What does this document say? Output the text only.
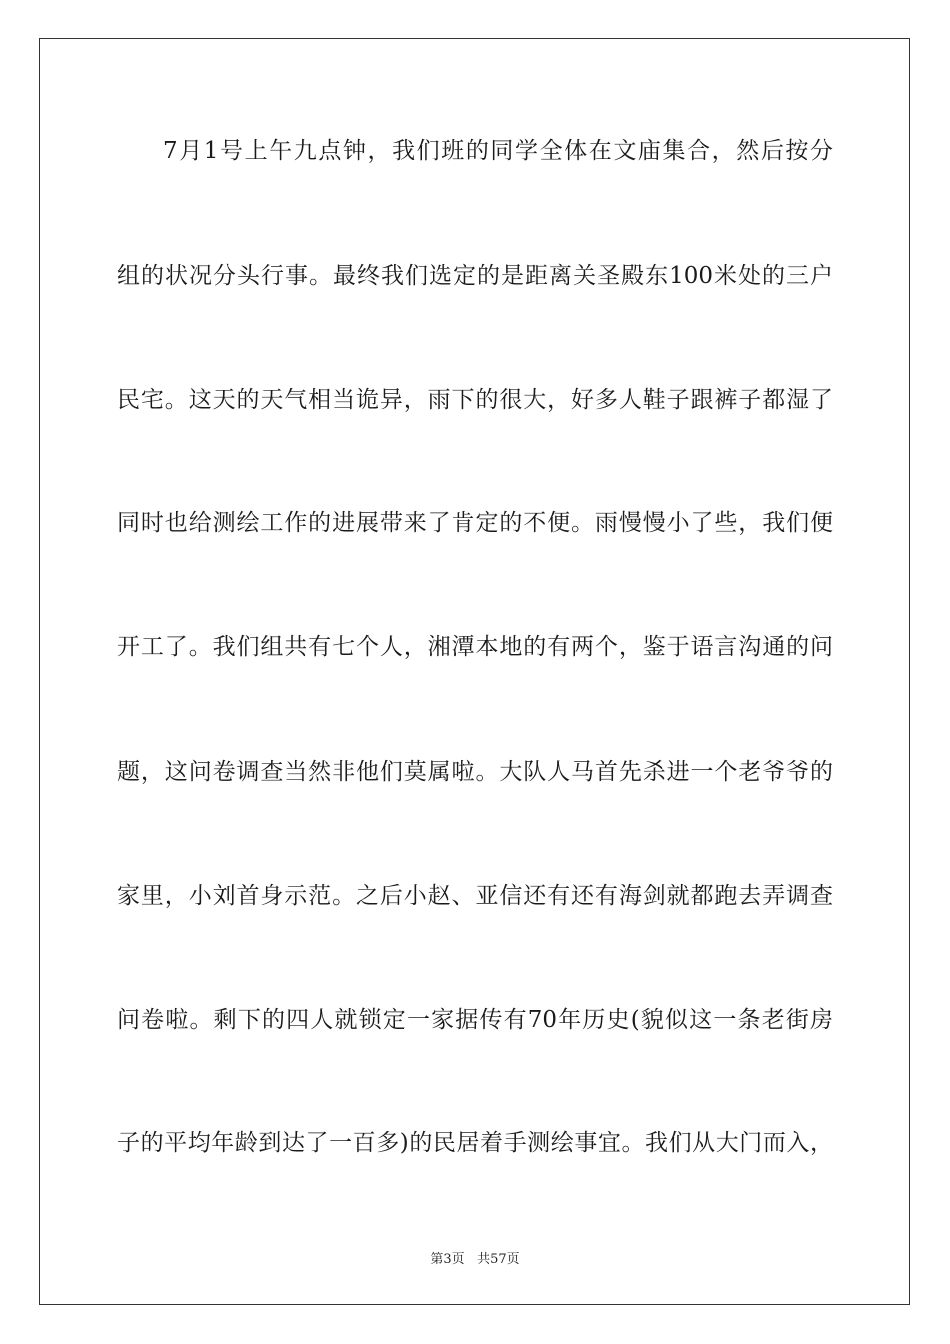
7月1号上午九点钟，我们班的同学全体在文庙集合，然后按分

组的状况分头行事。最终我们选定的是距离关圣殿东100米处的三户

民宅。这天的天气相当诡异，雨下的很大，好多人鞋子跟裤子都湿了

同时也给测绘工作的进展带来了肯定的不便。雨慢慢小了些，我们便

开工了。我们组共有七个人，湘潭本地的有两个，鉴于语言沟通的问

题，这问卷调查当然非他们莫属啦。大队人马首先杀进一个老爷爷的

家里，小刘首身示范。之后小赵、亚信还有还有海剑就都跑去弄调查

问卷啦。剩下的四人就锁定一家据传有70年历史(貌似这一条老街房

子的平均年龄到达了一百多)的民居着手测绘事宜。我们从大门而入，

第3页 共57页
